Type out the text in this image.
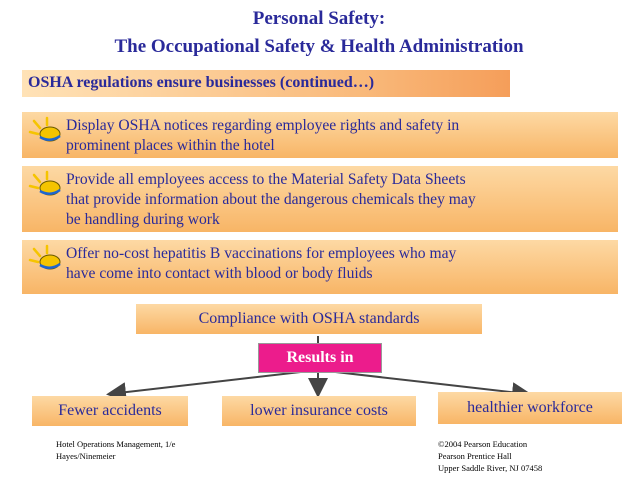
Personal Safety:
The Occupational Safety & Health Administration
OSHA regulations ensure businesses (continued…)
Display OSHA notices regarding employee rights and safety in
prominent places within the hotel
Provide all employees access to the Material Safety Data Sheets
that provide information about the dangerous chemicals they may
be handling during work
Offer no-cost hepatitis B vaccinations for employees who may
have come into contact with blood or body fluids
Compliance with OSHA standards
Results in
Fewer accidents	lower insurance costs	healthier workforce
Hotel Operations Management, 1/e
Hayes/Ninemeier
©2004 Pearson Education
Pearson Prentice Hall
Upper Saddle River, NJ 07458
